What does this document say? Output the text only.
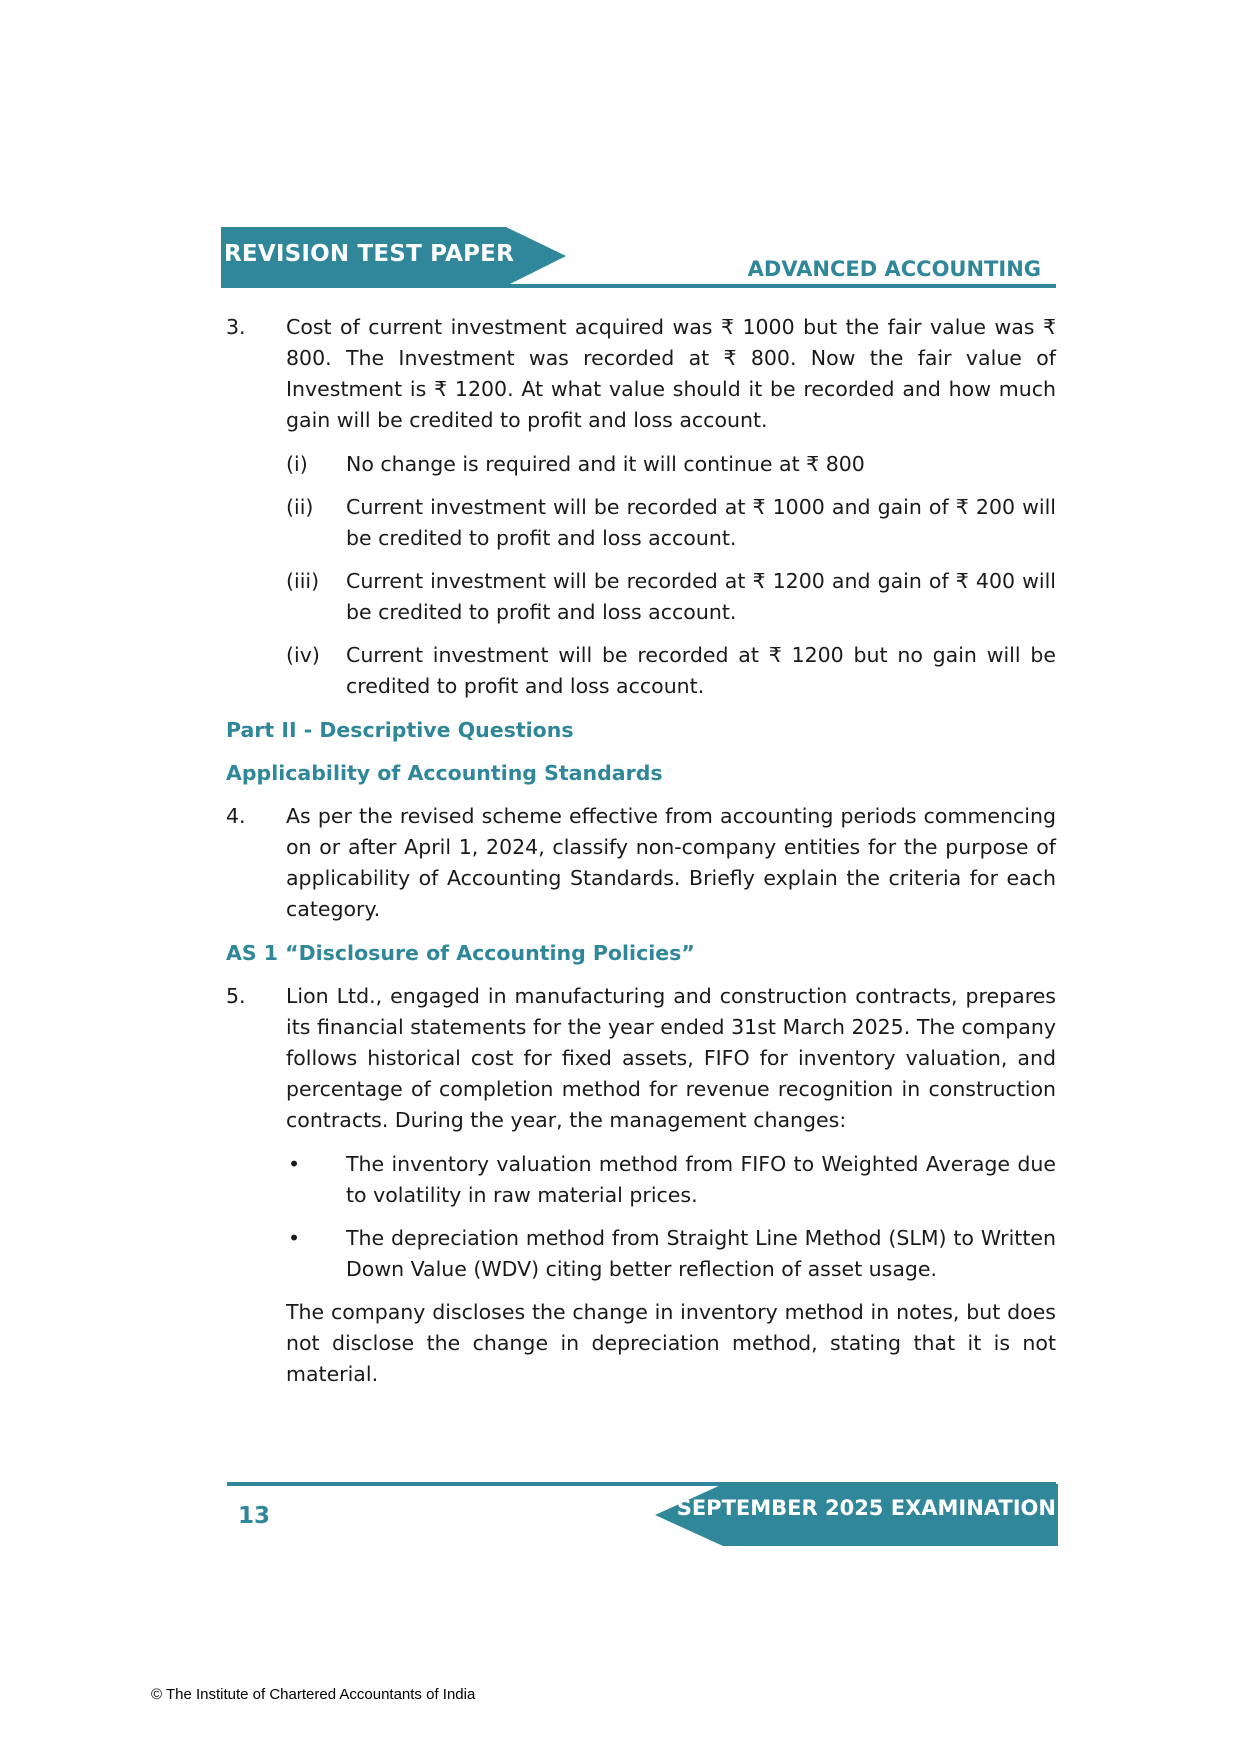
REVISION TEST PAPER
ADVANCED ACCOUNTING
3.	Cost of current investment acquired was ₹ 1000 but the fair value was ₹ 800. The Investment was recorded at ₹ 800. Now the fair value of Investment is ₹ 1200. At what value should it be recorded and how much gain will be credited to profit and loss account.
(i)	No change is required and it will continue at ₹ 800
(ii)	Current investment will be recorded at ₹ 1000 and gain of ₹ 200 will be credited to profit and loss account.
(iii)	Current investment will be recorded at ₹ 1200 and gain of ₹ 400 will be credited to profit and loss account.
(iv)	Current investment will be recorded at ₹ 1200 but no gain will be credited to profit and loss account.
Part II - Descriptive Questions
Applicability of Accounting Standards
4.	As per the revised scheme effective from accounting periods commencing on or after April 1, 2024, classify non-company entities for the purpose of applicability of Accounting Standards. Briefly explain the criteria for each category.
AS 1 “Disclosure of Accounting Policies”
5.	Lion Ltd., engaged in manufacturing and construction contracts, prepares its financial statements for the year ended 31st March 2025. The company follows historical cost for fixed assets, FIFO for inventory valuation, and percentage of completion method for revenue recognition in construction contracts. During the year, the management changes:
•	The inventory valuation method from FIFO to Weighted Average due to volatility in raw material prices.
•	The depreciation method from Straight Line Method (SLM) to Written Down Value (WDV) citing better reflection of asset usage.
The company discloses the change in inventory method in notes, but does not disclose the change in depreciation method, stating that it is not material.
13	SEPTEMBER 2025 EXAMINATION
© The Institute of Chartered Accountants of India
